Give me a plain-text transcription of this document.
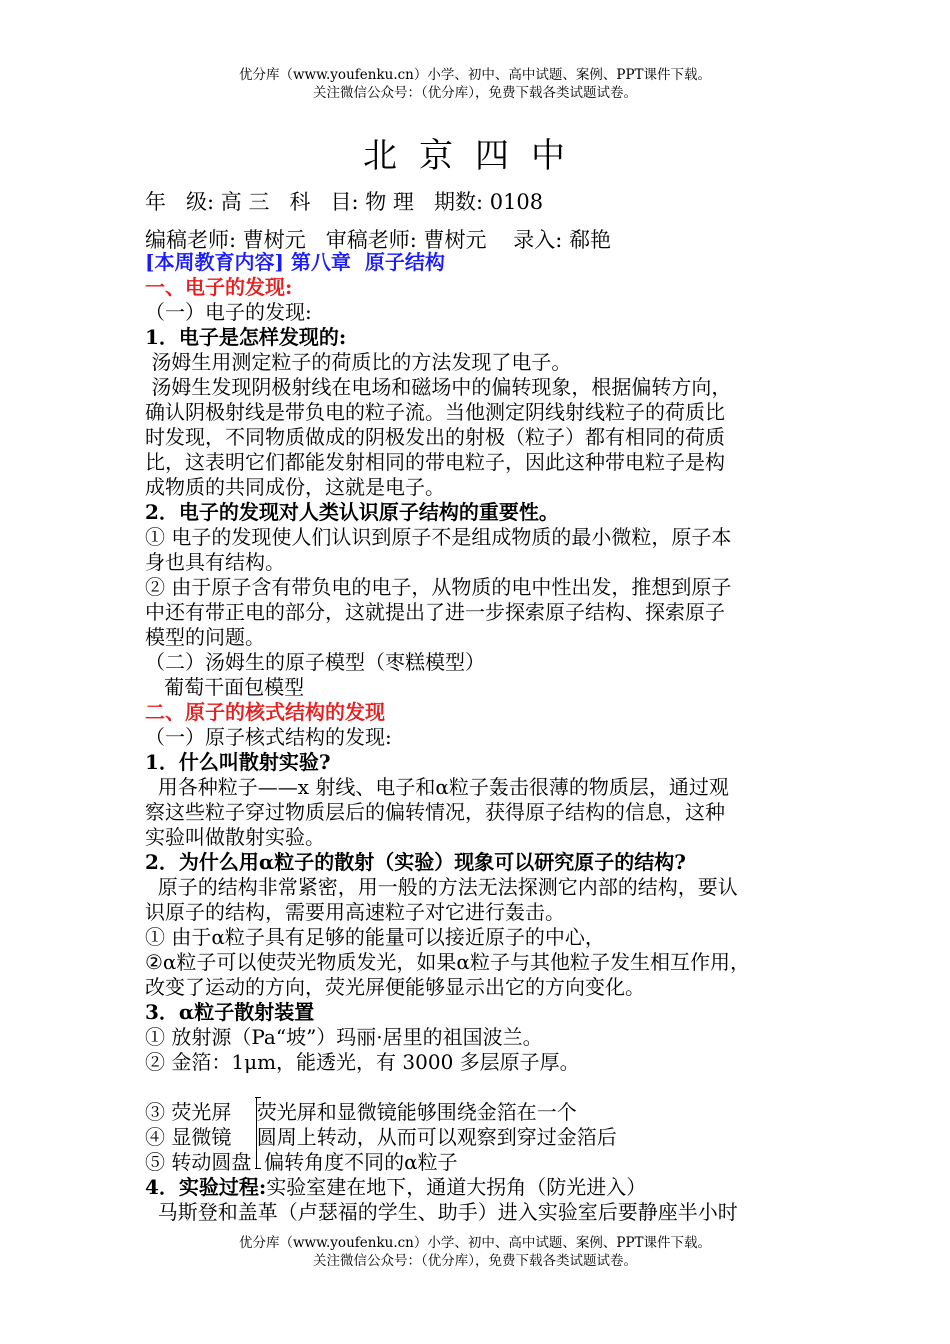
优分库（www.youfenku.cn）小学、初中、高中试题、案例、PPT课件下载。
关注微信公众号：（优分库），免费下载各类试题试卷。
北京四中
年   级: 高 三   科   目: 物 理   期数: 0108
编稿老师: 曹树元   审稿老师: 曹树元    录入: 郗艳
[本周教育内容] 第八章  原子结构
一、电子的发现:
（一）电子的发现:
1．电子是怎样发现的:
汤姆生用测定粒子的荷质比的方法发现了电子。
汤姆生发现阴极射线在电场和磁场中的偏转现象，根据偏转方向，
确认阴极射线是带负电的粒子流。当他测定阴线射线粒子的荷质比
时发现，不同物质做成的阴极发出的射极（粒子）都有相同的荷质
比，这表明它们都能发射相同的带电粒子，因此这种带电粒子是构
成物质的共同成份，这就是电子。
2．电子的发现对人类认识原子结构的重要性。
① 电子的发现使人们认识到原子不是组成物质的最小微粒，原子本
身也具有结构。
② 由于原子含有带负电的电子，从物质的电中性出发，推想到原子
中还有带正电的部分，这就提出了进一步探索原子结构、探索原子
模型的问题。
（二）汤姆生的原子模型（枣糕模型）
葡萄干面包模型
二、原子的核式结构的发现
（一）原子核式结构的发现:
1．什么叫散射实验?
用各种粒子——x 射线、电子和α粒子轰击很薄的物质层，通过观
察这些粒子穿过物质层后的偏转情况，获得原子结构的信息，这种
实验叫做散射实验。
2．为什么用α粒子的散射（实验）现象可以研究原子的结构?
原子的结构非常紧密，用一般的方法无法探测它内部的结构，要认
识原子的结构，需要用高速粒子对它进行轰击。
① 由于α粒子具有足够的能量可以接近原子的中心，
②α粒子可以使荧光物质发光，如果α粒子与其他粒子发生相互作用，
改变了运动的方向，荧光屏便能够显示出它的方向变化。
3．α粒子散射装置
① 放射源（Pa“坡”）玛丽·居里的祖国波兰。
② 金箔：1μm，能透光，有 3000 多层原子厚。
③ 荧光屏    荧光屏和显微镜能够围绕金箔在一个
④ 显微镜    圆周上转动，从而可以观察到穿过金箔后
⑤ 转动圆盘  偏转角度不同的α粒子
4．实验过程:实验室建在地下，通道大拐角（防光进入）
马斯登和盖革（卢瑟福的学生、助手）进入实验室后要静座半小时
优分库（www.youfenku.cn）小学、初中、高中试题、案例、PPT课件下载。
关注微信公众号：（优分库），免费下载各类试题试卷。
